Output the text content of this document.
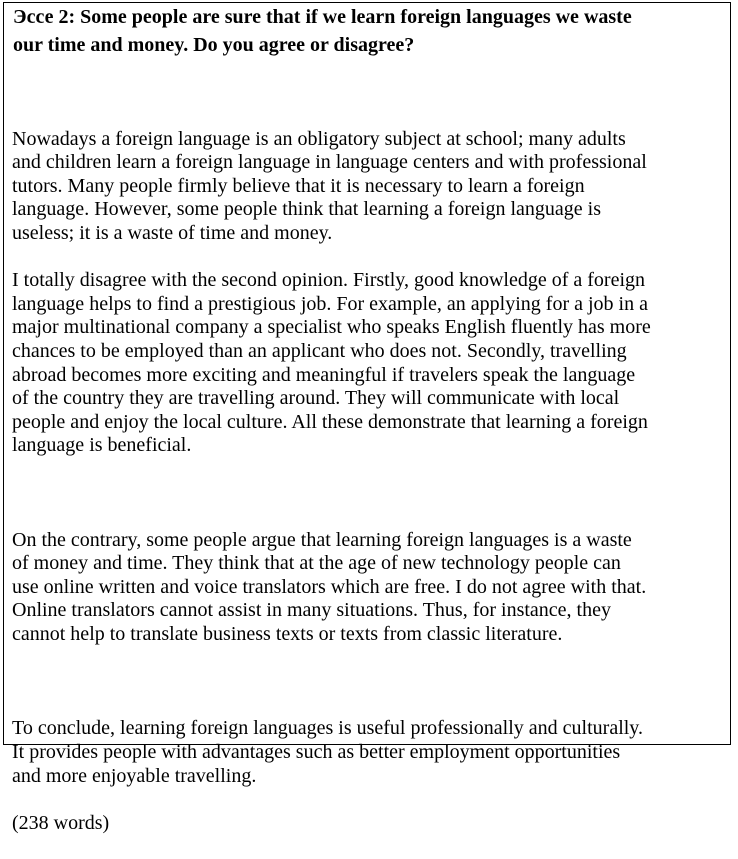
Эссе 2: Some people are sure that if we learn foreign languages we waste
our time and money. Do you agree or disagree?

Nowadays a foreign language is an obligatory subject at school; many adults
and children learn a foreign language in language centers and with professional
tutors. Many people firmly believe that it is necessary to learn a foreign
language. However, some people think that learning a foreign language is
useless; it is a waste of time and money.

I totally disagree with the second opinion. Firstly, good knowledge of a foreign
language helps to find a prestigious job. For example, an applying for a job in a
major multinational company a specialist who speaks English fluently has more
chances to be employed than an applicant who does not. Secondly, travelling
abroad becomes more exciting and meaningful if travelers speak the language
of the country they are travelling around. They will communicate with local
people and enjoy the local culture. All these demonstrate that learning a foreign
language is beneficial.

On the contrary, some people argue that learning foreign languages is a waste
of money and time. They think that at the age of new technology people can
use online written and voice translators which are free. I do not agree with that.
Online translators cannot assist in many situations. Thus, for instance, they
cannot help to translate business texts or texts from classic literature.

To conclude, learning foreign languages is useful professionally and culturally.
It provides people with advantages such as better employment opportunities
and more enjoyable travelling.

(238 words)
